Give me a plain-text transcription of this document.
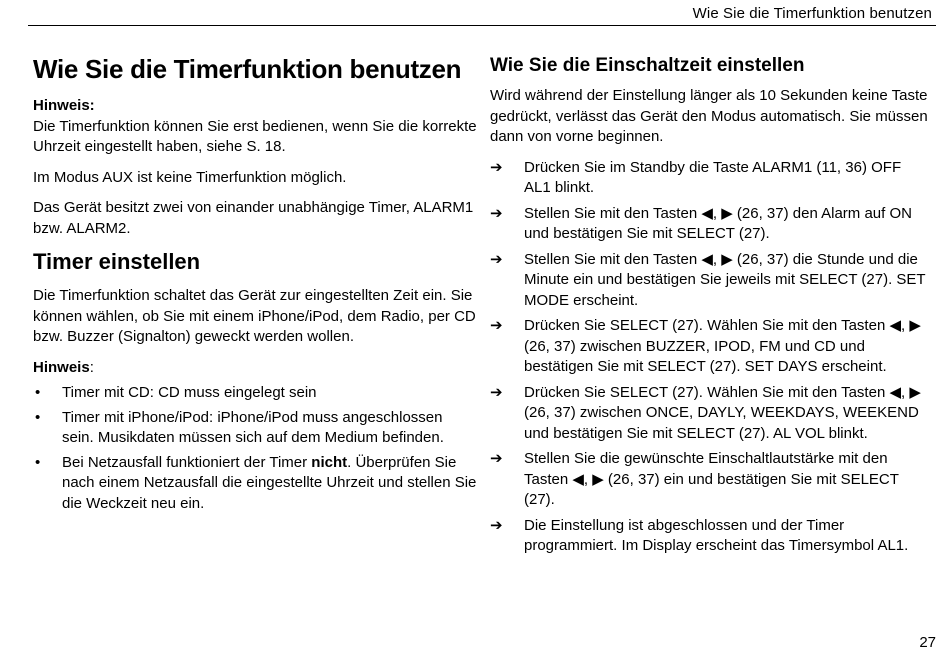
Wie Sie die Timerfunktion benutzen
Wie Sie die Timerfunktion benutzen
Hinweis:
Die Timerfunktion können Sie erst bedienen, wenn Sie die korrekte Uhrzeit eingestellt haben, siehe S. 18.
Im Modus AUX ist keine Timerfunktion möglich.
Das Gerät besitzt zwei von einander unabhängige Timer, ALARM1 bzw. ALARM2.
Timer einstellen
Die Timerfunktion schaltet das Gerät zur eingestellten Zeit ein. Sie können wählen, ob Sie mit einem iPhone/iPod, dem Radio, per CD bzw. Buzzer (Signalton) geweckt werden wollen.
Hinweis:
• Timer mit CD: CD muss eingelegt sein
• Timer mit iPhone/iPod: iPhone/iPod muss angeschlossen sein. Musikdaten müssen sich auf dem Medium befinden.
• Bei Netzausfall funktioniert der Timer nicht. Überprüfen Sie nach einem Netzausfall die eingestellte Uhrzeit und stellen Sie die Weckzeit neu ein.
Wie Sie die Einschaltzeit einstellen
Wird während der Einstellung länger als 10 Sekunden keine Taste gedrückt, verlässt das Gerät den Modus automatisch. Sie müssen dann von vorne beginnen.
➔ Drücken Sie im Standby die Taste ALARM1 (11, 36) OFF AL1 blinkt.
➔ Stellen Sie mit den Tasten ◀, ▶ (26, 37) den Alarm auf ON und bestätigen Sie mit SELECT (27).
➔ Stellen Sie mit den Tasten ◀, ▶ (26, 37) die Stunde und die Minute ein und bestätigen Sie jeweils mit SELECT (27). SET MODE erscheint.
➔ Drücken Sie SELECT (27). Wählen Sie mit den Tasten ◀, ▶ (26, 37) zwischen BUZZER, IPOD, FM und CD und bestätigen Sie mit SELECT (27). SET DAYS erscheint.
➔ Drücken Sie SELECT (27). Wählen Sie mit den Tasten ◀, ▶ (26, 37) zwischen ONCE, DAYLY, WEEKDAYS, WEEKEND und bestätigen Sie mit SELECT (27). AL VOL blinkt.
➔ Stellen Sie die gewünschte Einschaltlautstärke mit den Tasten ◀, ▶ (26, 37) ein und bestätigen Sie mit SELECT (27).
➔ Die Einstellung ist abgeschlossen und der Timer programmiert. Im Display erscheint das Timersymbol AL1.
27
